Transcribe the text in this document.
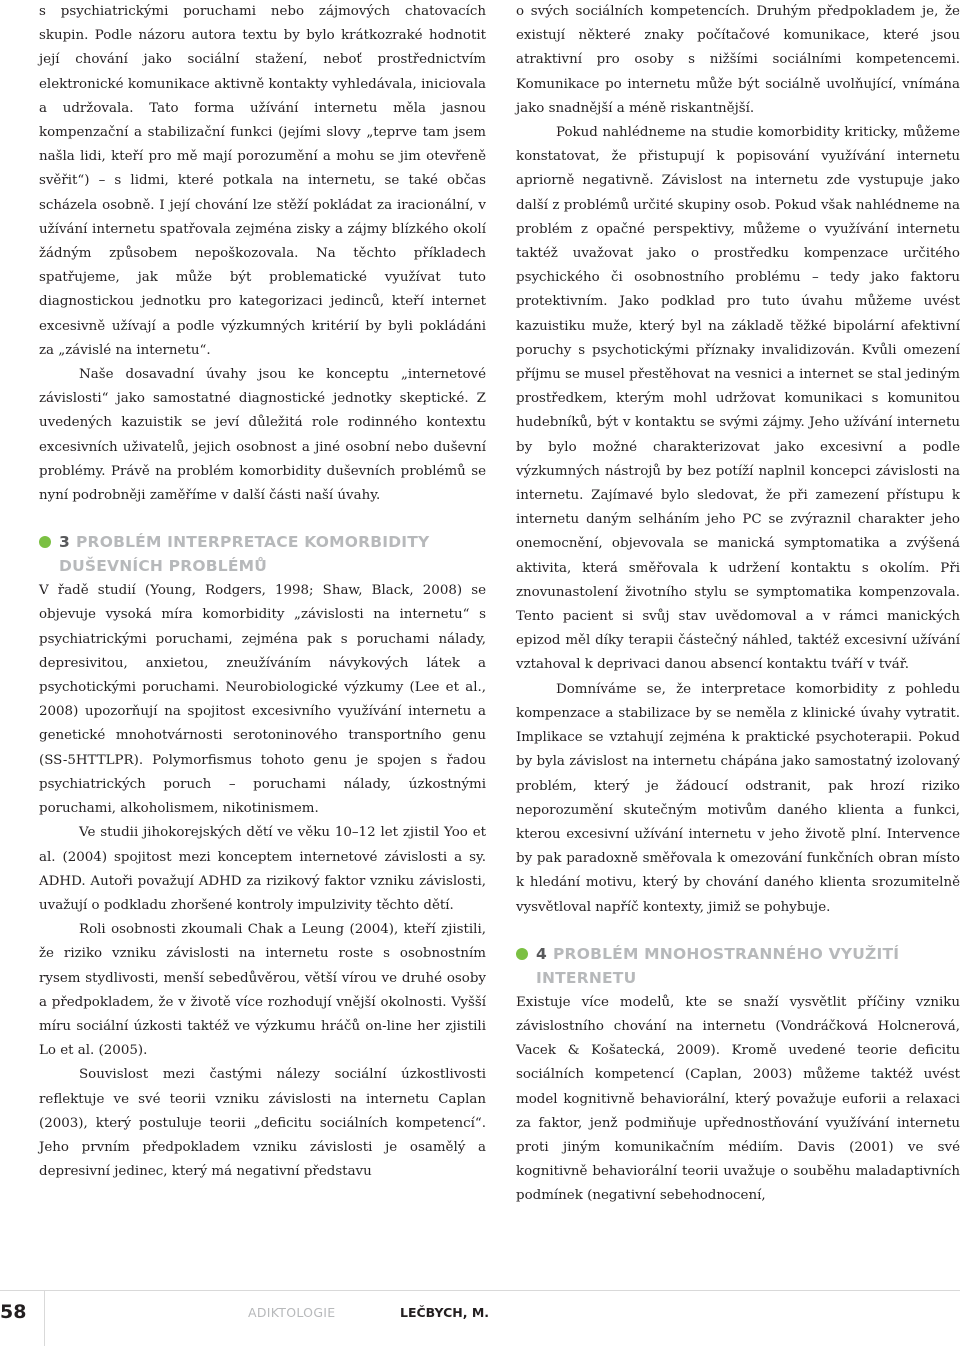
s psychiatrickými poruchami nebo zájmových chatovacích skupin. Podle názoru autora textu by bylo krátkozraké hodnotit její chování jako sociální stažení, neboť prostřednictvím elektronické komunikace aktivně kontakty vyhledávala, iniciovala a udržovala. Tato forma užívání internetu měla jasnou kompenzační a stabilizační funkci (jejími slovy „teprve tam jsem našla lidi, kteří pro mě mají porozumění a mohu se jim otevřeně svěřit“) – s lidmi, které potkala na internetu, se také občas scházela osobně. I její chování lze stěží pokládat za iracionální, v užívání internetu spatřovala zejména zisky a zájmy blízkého okolí žádným způsobem nepoškozovala. Na těchto příkladech spatřujeme, jak může být problematické využívat tuto diagnostickou jednotku pro kategorizaci jedinců, kteří internet excesivně užívají a podle výzkumných kritérií by byli pokládáni za „závislé na internetu“.

Naše dosavadní úvahy jsou ke konceptu „internetové závislosti“ jako samostatné diagnostické jednotky skeptické. Z uvedených kazuistik se jeví důležitá role rodinného kontextu excesivních uživatelů, jejich osobnost a jiné osobní nebo duševní problémy. Právě na problém komorbidity duševních problémů se nyní podrobněji zaměříme v další části naší úvahy.

3 PROBLÉM INTERPRETACE KOMORBIDITY DUŠEVNÍCH PROBLÉMŮ

V řadě studií (Young, Rodgers, 1998; Shaw, Black, 2008) se objevuje vysoká míra komorbidity „závislosti na internetu“ s psychiatrickými poruchami, zejména pak s poruchami nálady, depresivitou, anxietou, zneužíváním návykových látek a psychotickými poruchami. Neurobiologické výzkumy (Lee et al., 2008) upozorňují na spojitost excesivního využívání internetu a genetické mnohotvárnosti serotoninového transportního genu (SS-5HTTLPR). Polymorfismus tohoto genu je spojen s řadou psychiatrických poruch – poruchami nálady, úzkostnými poruchami, alkoholismem, nikotinismem.

Ve studii jihokorejských dětí ve věku 10–12 let zjistil Yoo et al. (2004) spojitost mezi konceptem internetové závislosti a sy. ADHD. Autoři považují ADHD za rizikový faktor vzniku závislosti, uvažují o podkladu zhoršené kontroly impulzivity těchto dětí.

Roli osobnosti zkoumali Chak a Leung (2004), kteří zjistili, že riziko vzniku závislosti na internetu roste s osobnostním rysem stydlivosti, menší sebedůvěrou, větší vírou ve druhé osoby a předpokladem, že v životě více rozhodují vnější okolnosti. Vyšší míru sociální úzkosti taktéž ve výzkumu hráčů on-line her zjistili Lo et al. (2005).

Souvislost mezi častými nálezy sociální úzkostlivosti reflektuje ve své teorii vzniku závislosti na internetu Caplan (2003), který postuluje teorii „deficitu sociálních kompetencí“. Jeho prvním předpokladem vzniku závislosti je osamělý a depresivní jedinec, který má negativní představu

o svých sociálních kompetencích. Druhým předpokladem je, že existují některé znaky počítačové komunikace, které jsou atraktivní pro osoby s nižšími sociálními kompetencemi. Komunikace po internetu může být sociálně uvolňující, vnímána jako snadnější a méně riskantnější.

Pokud nahlédneme na studie komorbidity kriticky, můžeme konstatovat, že přistupují k popisování využívání internetu apriorně negativně. Závislost na internetu zde vystupuje jako další z problémů určité skupiny osob. Pokud však nahlédneme na problém z opačné perspektivy, můžeme o využívání internetu taktéž uvažovat jako o prostředku kompenzace určitého psychického či osobnostního problému – tedy jako faktoru protektivním. Jako podklad pro tuto úvahu můžeme uvést kazuistiku muže, který byl na základě těžké bipolární afektivní poruchy s psychotickými příznaky invalidizován. Kvůli omezení příjmu se musel přestěhovat na vesnici a internet se stal jediným prostředkem, kterým mohl udržovat komunikaci s komunitou hudebníků, být v kontaktu se svými zájmy. Jeho užívání internetu by bylo možné charakterizovat jako excesivní a podle výzkumných nástrojů by bez potíží naplnil koncepci závislosti na internetu. Zajímavé bylo sledovat, že při zamezení přístupu k internetu daným selháním jeho PC se zvýraznil charakter jeho onemocnění, objevovala se manická symptomatika a zvýšená aktivita, která směřovala k udržení kontaktu s okolím. Při znovunastolení životního stylu se symptomatika kompenzovala. Tento pacient si svůj stav uvědomoval a v rámci manických epizod měl díky terapii částečný náhled, taktéž excesivní užívání vztahoval k deprivaci danou absencí kontaktu tváří v tvář.

Domníváme se, že interpretace komorbidity z pohledu kompenzace a stabilizace by se neměla z klinické úvahy vytratit. Implikace se vztahují zejména k praktické psychoterapii. Pokud by byla závislost na internetu chápána jako samostatný izolovaný problém, který je žádoucí odstranit, pak hrozí riziko neporozumění skutečným motivům daného klienta a funkci, kterou excesivní užívání internetu v jeho životě plní. Intervence by pak paradoxně směřovala k omezování funkčních obran místo k hledání motivu, který by chování daného klienta srozumitelně vysvětloval napříč kontexty, jimiž se pohybuje.

4 PROBLÉM MNOHOSTRANNÉHO VYUŽITÍ INTERNETU

Existuje více modelů, kte se snaží vysvětlit příčiny vzniku závislostního chování na internetu (Vondráčková Holcnerová, Vacek & Košatecká, 2009). Kromě uvedené teorie deficitu sociálních kompetencí (Caplan, 2003) můžeme taktéž uvést model kognitivně behaviorální, který považuje euforii a relaxaci za faktor, jenž podmiňuje upřednostňování využívání internetu proti jiným komunikačním médiím. Davis (2001) ve své kognitivně behaviorální teorii uvažuje o souběhu maladaptivních podmínek (negativní sebehodnocení,

58	ADIKTOLOGIE	LEČBYCH, M.
